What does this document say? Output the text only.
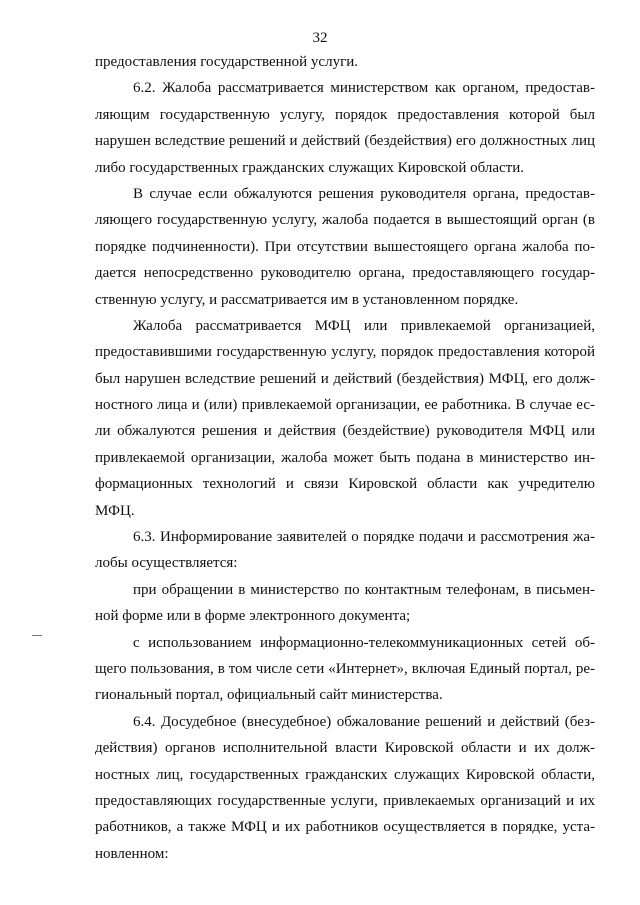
32
предоставления государственной услуги.
6.2. Жалоба рассматривается министерством как органом, предостав-
ляющим государственную услугу, порядок предоставления которой был
нарушен вследствие решений и действий (бездействия) его должностных лиц
либо государственных гражданских служащих Кировской области.
В случае если обжалуются решения руководителя органа, предостав-
ляющего государственную услугу, жалоба подается в вышестоящий орган (в
порядке подчиненности). При отсутствии вышестоящего органа жалоба по-
дается непосредственно руководителю органа, предоставляющего государ-
ственную услугу, и рассматривается им в установленном порядке.
Жалоба рассматривается МФЦ или привлекаемой организацией,
предоставившими государственную услугу, порядок предоставления которой
был нарушен вследствие решений и действий (бездействия) МФЦ, его долж-
ностного лица и (или) привлекаемой организации, ее работника. В случае ес-
ли обжалуются решения и действия (бездействие) руководителя МФЦ или
привлекаемой организации, жалоба может быть подана в министерство ин-
формационных технологий и связи Кировской области как учредителю
МФЦ.
6.3. Информирование заявителей о порядке подачи и рассмотрения жа-
лобы осуществляется:
при обращении в министерство по контактным телефонам, в письмен-
ной форме или в форме электронного документа;
с использованием информационно-телекоммуникационных сетей об-
щего пользования, в том числе сети «Интернет», включая Единый портал, ре-
гиональный портал, официальный сайт министерства.
6.4. Досудебное (внесудебное) обжалование решений и действий (без-
действия) органов исполнительной власти Кировской области и их долж-
ностных лиц, государственных гражданских служащих Кировской области,
предоставляющих государственные услуги, привлекаемых организаций и их
работников, а также МФЦ и их работников осуществляется в порядке, уста-
новленном:
